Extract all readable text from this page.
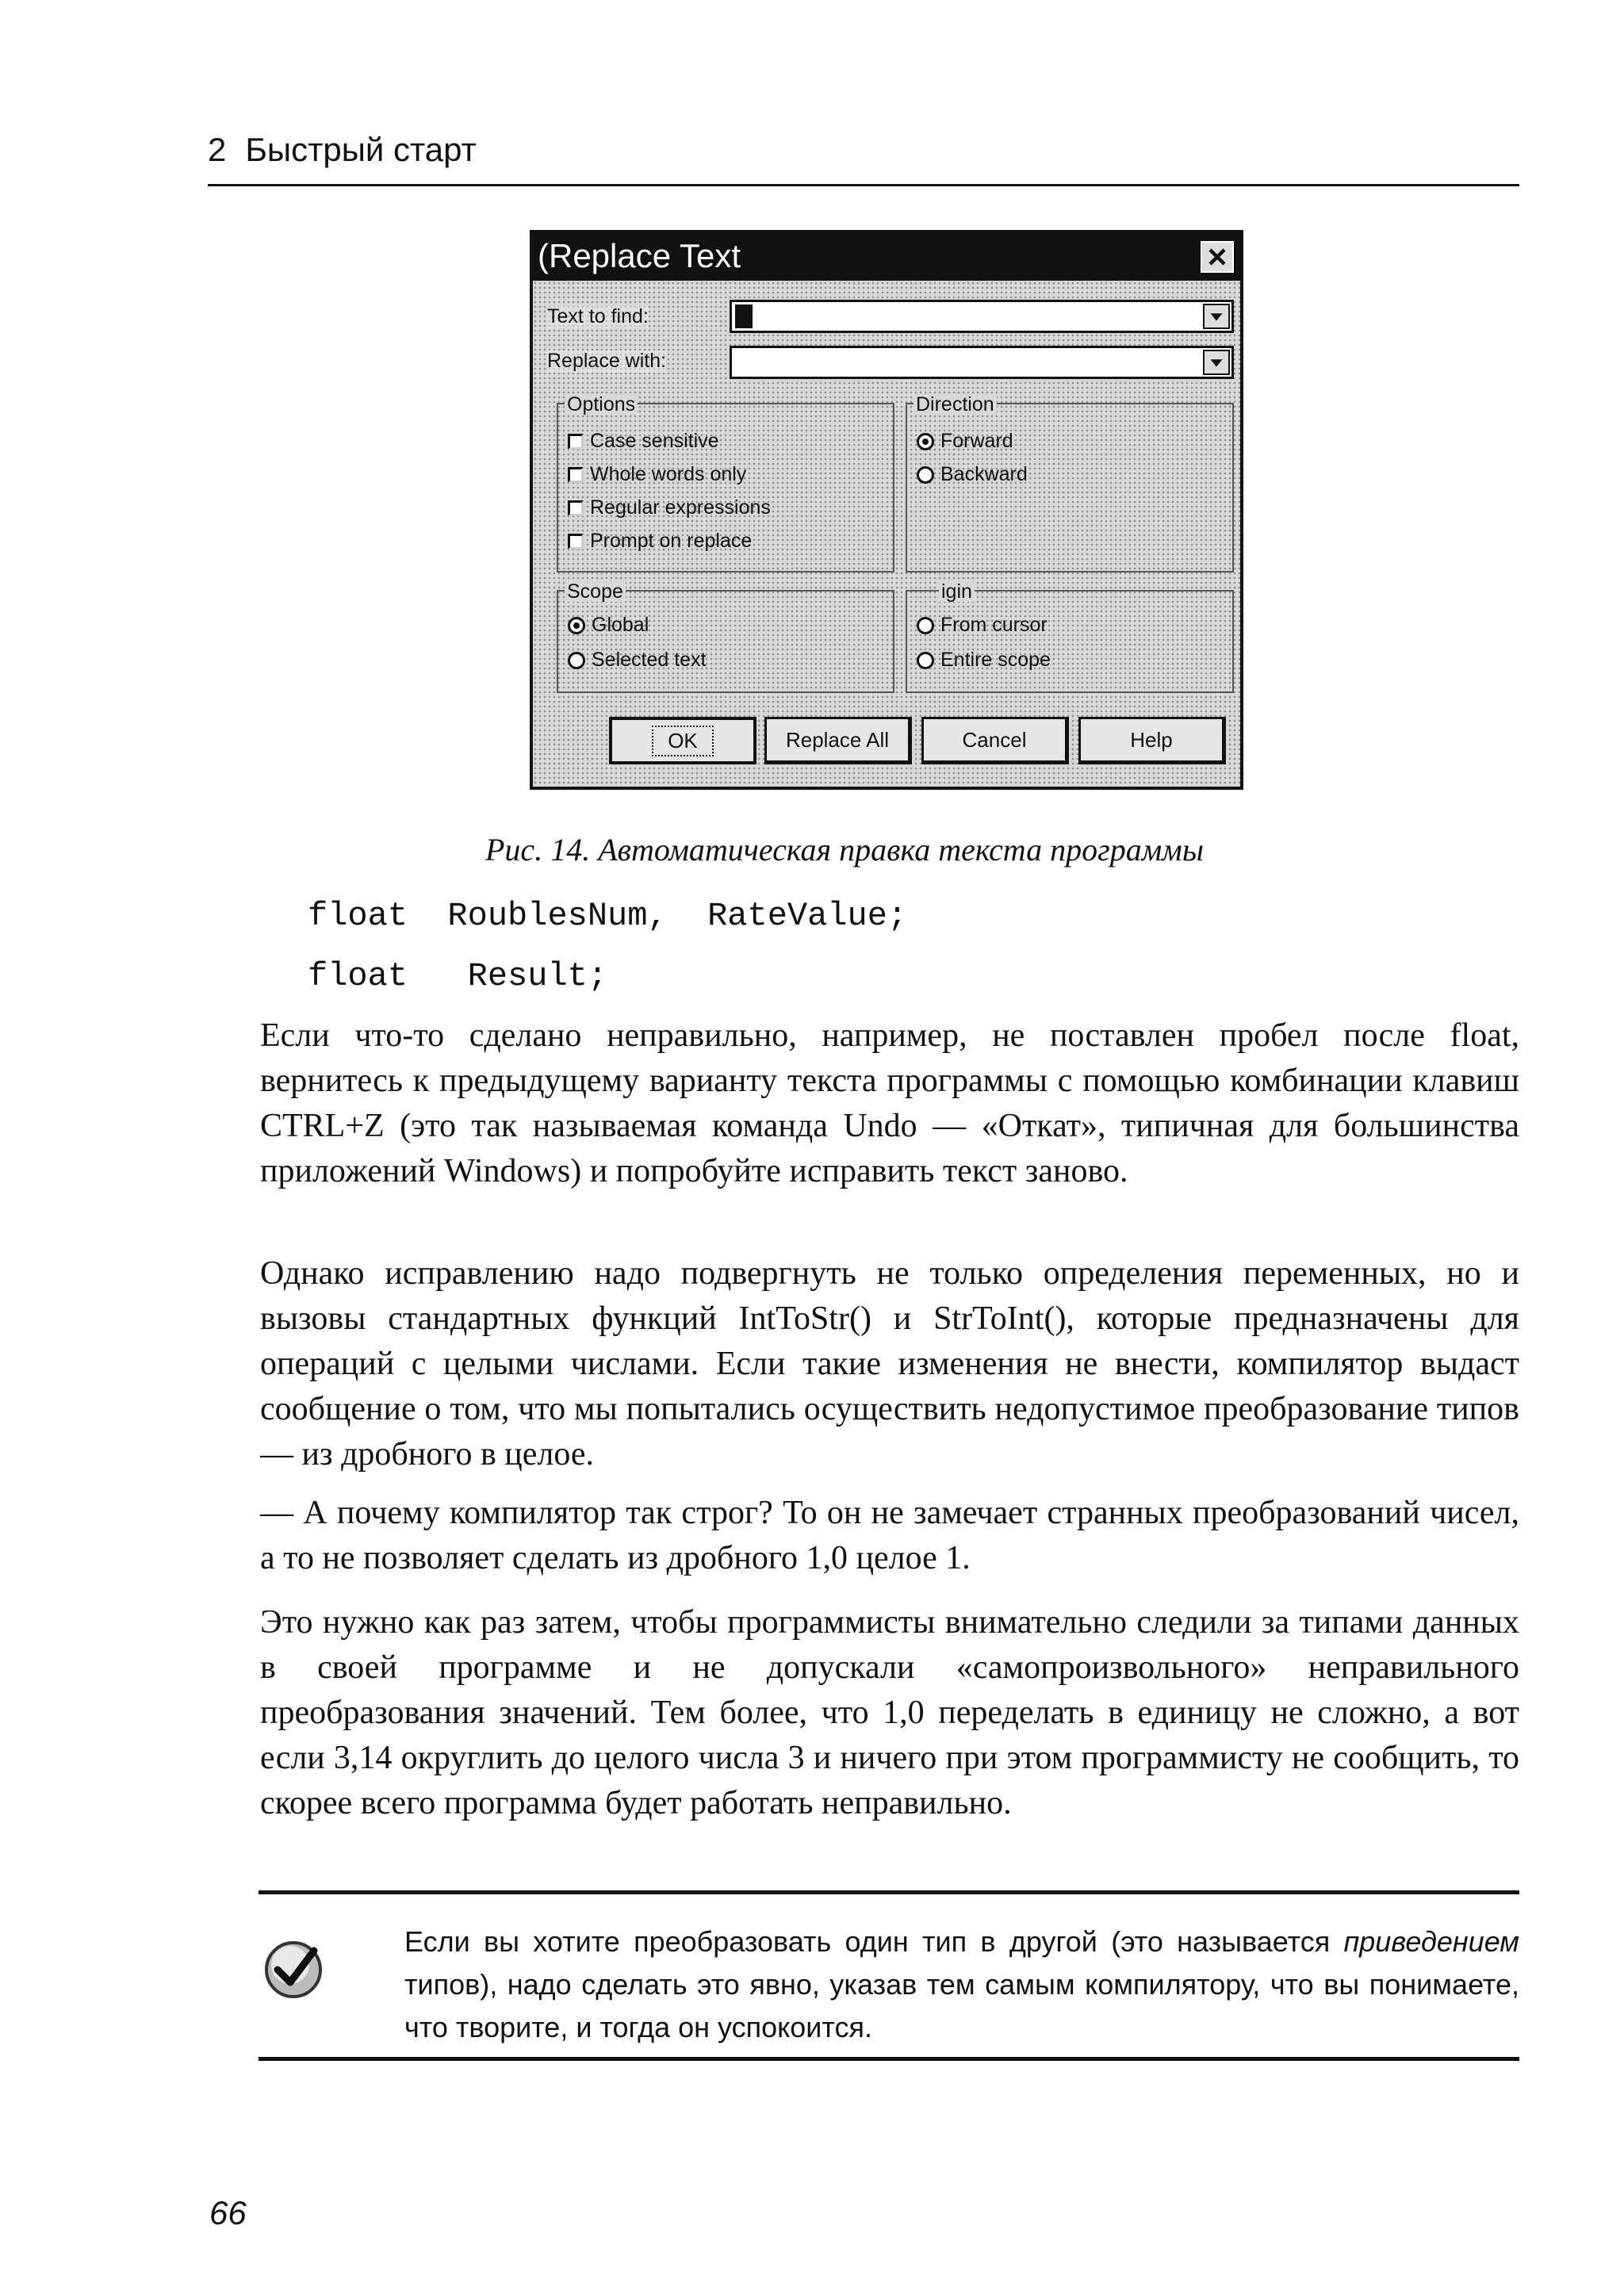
2 Быстрый старт
(Replace Text
Text to find:
Replace with:
Options
Case sensitive
Whole words only
Regular expressions
Prompt on replace
Direction
Forward
Backward
Scope
Global
Selected text
igin
From cursor
Entire scope
OK	Replace All	Cancel	Help
Рис. 14. Автоматическая правка текста программы
float  RoublesNum,  RateValue;
float   Result;
Если что-то сделано неправильно, например, не поставлен пробел после float, вернитесь к предыдущему варианту текста программы с помощью комбинации клавиш CTRL+Z (это так называемая команда Undo — «Откат», типичная для большинства приложений Windows) и попробуйте исправить текст заново.
Однако исправлению надо подвергнуть не только определения переменных, но и вызовы стандартных функций IntToStr() и StrToInt(), которые предназначены для операций с целыми числами. Если такие изменения не внести, компилятор выдаст сообщение о том, что мы попытались осуществить недопустимое преобразование типов — из дробного в целое.
— А почему компилятор так строг? То он не замечает странных преобразований чисел, а то не позволяет сделать из дробного 1,0 целое 1.
Это нужно как раз затем, чтобы программисты внимательно следили за типами данных в своей программе и не допускали «самопроизвольного» неправильного преобразования значений. Тем более, что 1,0 переделать в единицу не сложно, а вот если 3,14 округлить до целого числа 3 и ничего при этом программисту не сообщить, то скорее всего программа будет работать неправильно.
Если вы хотите преобразовать один тип в другой (это называется приведением типов), надо сделать это явно, указав тем самым компилятору, что вы понимаете, что творите, и тогда он успокоится.
66
